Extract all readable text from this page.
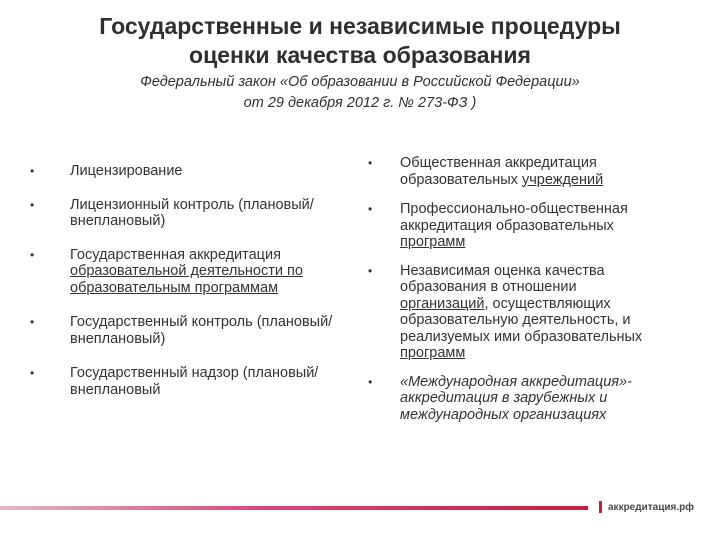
Государственные и независимые процедуры
оценки качества образования
Федеральный закон «Об образовании в Российской Федерации»
от 29 декабря 2012 г. № 273-ФЗ )
• Лицензирование
• Лицензионный контроль (плановый/ внеплановый)
• Государственная аккредитация образовательной деятельности по образовательным программам
• Государственный контроль (плановый/ внеплановый)
• Государственный надзор (плановый/ внеплановый
• Общественная аккредитация образовательных учреждений
• Профессионально-общественная аккредитация образовательных программ
• Независимая оценка качества образования в отношении организаций, осуществляющих образовательную деятельность, и реализуемых ими образовательных программ
• «Международная аккредитация»- аккредитация в зарубежных и международных организациях
аккредитация.рф
